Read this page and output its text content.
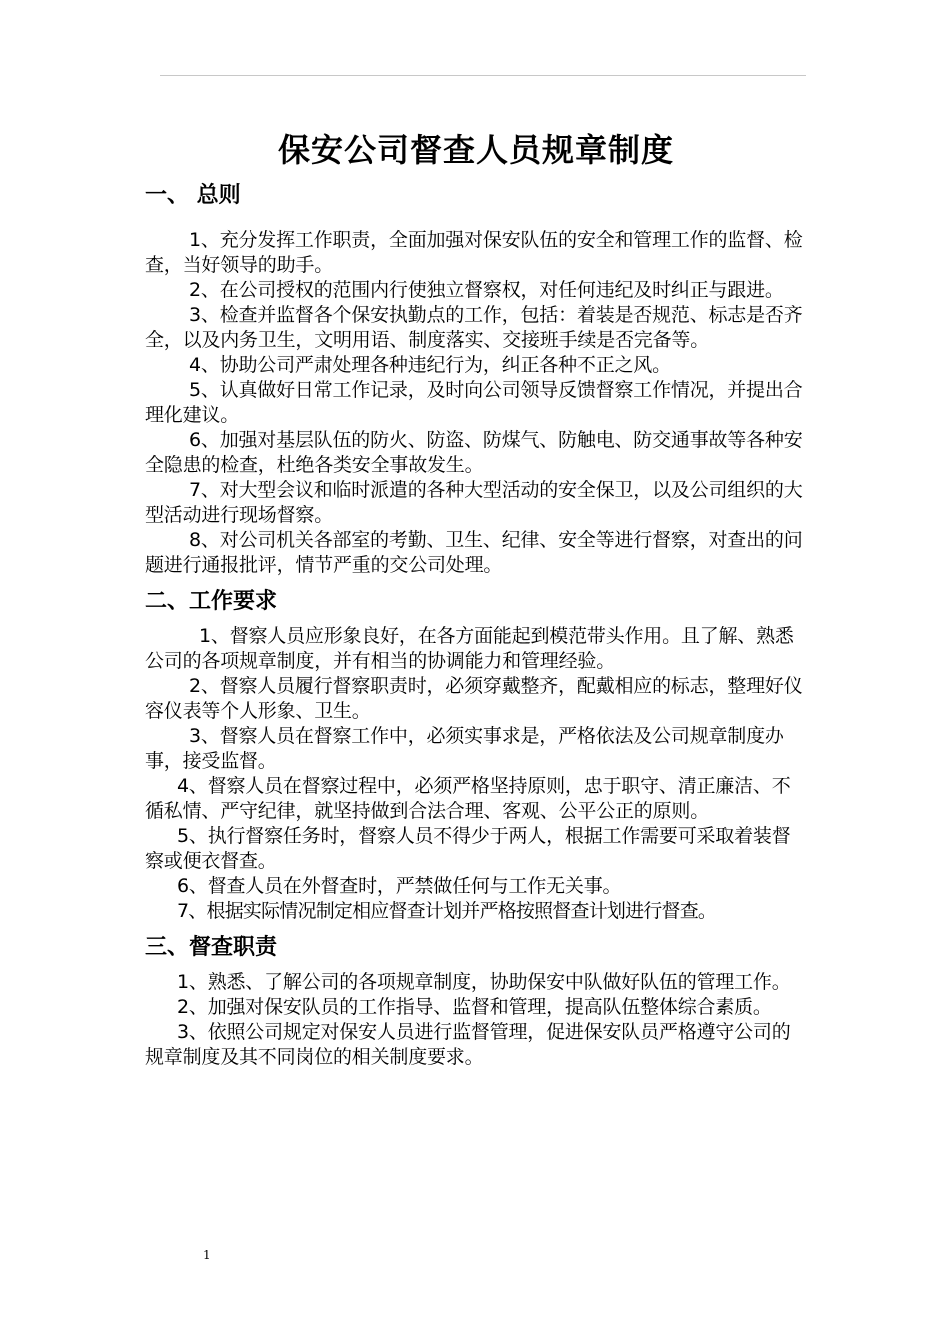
保安公司督查人员规章制度
一、 总则

1、充分发挥工作职责，全面加强对保安队伍的安全和管理工作的监督、检查，当好领导的助手。

2、在公司授权的范围内行使独立督察权，对任何违纪及时纠正与跟进。

3、检查并监督各个保安执勤点的工作，包括：着装是否规范、标志是否齐全，以及内务卫生，文明用语、制度落实、交接班手续是否完备等。

4、协助公司严肃处理各种违纪行为，纠正各种不正之风。

5、认真做好日常工作记录，及时向公司领导反馈督察工作情况，并提出合理化建议。

6、加强对基层队伍的防火、防盗、防煤气、防触电、防交通事故等各种安全隐患的检查，杜绝各类安全事故发生。

7、对大型会议和临时派遣的各种大型活动的安全保卫，以及公司组织的大型活动进行现场督察。

8、对公司机关各部室的考勤、卫生、纪律、安全等进行督察，对查出的问题进行通报批评，情节严重的交公司处理。

二、工作要求

1、督察人员应形象良好，在各方面能起到模范带头作用。且了解、熟悉公司的各项规章制度，并有相当的协调能力和管理经验。

2、督察人员履行督察职责时，必须穿戴整齐，配戴相应的标志，整理好仪容仪表等个人形象、卫生。

3、督察人员在督察工作中，必须实事求是，严格依法及公司规章制度办事，接受监督。

4、督察人员在督察过程中，必须严格坚持原则，忠于职守、清正廉洁、不循私情、严守纪律，就坚持做到合法合理、客观、公平公正的原则。

5、执行督察任务时，督察人员不得少于两人，根据工作需要可采取着装督察或便衣督查。

6、督查人员在外督查时，严禁做任何与工作无关事。

7、根据实际情况制定相应督查计划并严格按照督查计划进行督查。

三、督查职责

1、熟悉、了解公司的各项规章制度，协助保安中队做好队伍的管理工作。

2、加强对保安队员的工作指导、监督和管理，提高队伍整体综合素质。

3、依照公司规定对保安人员进行监督管理，促进保安队员严格遵守公司的规章制度及其不同岗位的相关制度要求。

1
